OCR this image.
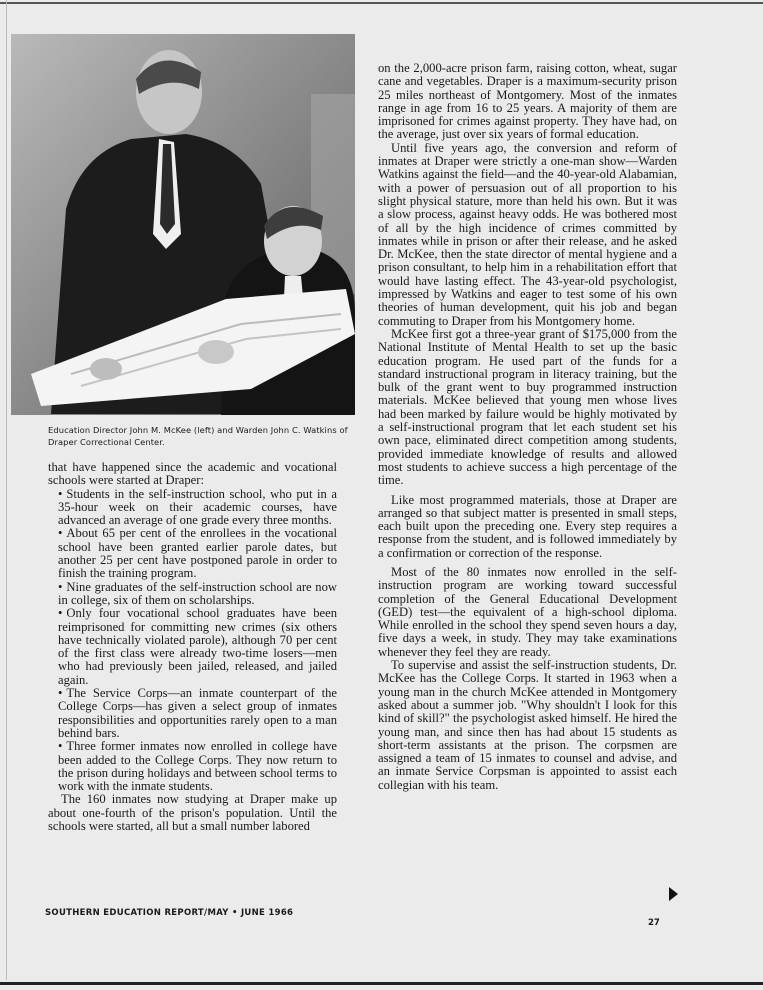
Education Director John M. McKee (left) and Warden John C. Watkins of Draper Correctional Center.

that have happened since the academic and vocational schools were started at Draper:

• Students in the self-instruction school, who put in a 35-hour week on their academic courses, have advanced an average of one grade every three months.

• About 65 per cent of the enrollees in the vocational school have been granted earlier parole dates, but another 25 per cent have postponed parole in order to finish the training program.

• Nine graduates of the self-instruction school are now in college, six of them on scholarships.

• Only four vocational school graduates have been reimprisoned for committing new crimes (six others have technically violated parole), although 70 per cent of the first class were already two-time losers—men who had previously been jailed, released, and jailed again.

• The Service Corps—an inmate counterpart of the College Corps—has given a select group of inmates responsibilities and opportunities rarely open to a man behind bars.

• Three former inmates now enrolled in college have been added to the College Corps. They now return to the prison during holidays and between school terms to work with the inmate students.

The 160 inmates now studying at Draper make up about one-fourth of the prison's population. Until the schools were started, all but a small number labored

on the 2,000-acre prison farm, raising cotton, wheat, sugar cane and vegetables. Draper is a maximum-security prison 25 miles northeast of Montgomery. Most of the inmates range in age from 16 to 25 years. A majority of them are imprisoned for crimes against property. They have had, on the average, just over six years of formal education.

Until five years ago, the conversion and reform of inmates at Draper were strictly a one-man show—Warden Watkins against the field—and the 40-year-old Alabamian, with a power of persuasion out of all proportion to his slight physical stature, more than held his own. But it was a slow process, against heavy odds. He was bothered most of all by the high incidence of crimes committed by inmates while in prison or after their release, and he asked Dr. McKee, then the state director of mental hygiene and a prison consultant, to help him in a rehabilitation effort that would have lasting effect. The 43-year-old psychologist, impressed by Watkins and eager to test some of his own theories of human development, quit his job and began commuting to Draper from his Montgomery home.

McKee first got a three-year grant of $175,000 from the National Institute of Mental Health to set up the basic education program. He used part of the funds for a standard instructional program in literacy training, but the bulk of the grant went to buy programmed instruction materials. McKee believed that young men whose lives had been marked by failure would be highly motivated by a self-instructional program that let each student set his own pace, eliminated direct competition among students, provided immediate knowledge of results and allowed most students to achieve success a high percentage of the time.

Like most programmed materials, those at Draper are arranged so that subject matter is presented in small steps, each built upon the preceding one. Every step requires a response from the student, and is followed immediately by a confirmation or correction of the response.

Most of the 80 inmates now enrolled in the self-instruction program are working toward successful completion of the General Educational Development (GED) test—the equivalent of a high-school diploma. While enrolled in the school they spend seven hours a day, five days a week, in study. They may take examinations whenever they feel they are ready.

To supervise and assist the self-instruction students, Dr. McKee has the College Corps. It started in 1963 when a young man in the church McKee attended in Montgomery asked about a summer job. "Why shouldn't I look for this kind of skill?" the psychologist asked himself. He hired the young man, and since then has had about 15 students as short-term assistants at the prison. The corpsmen are assigned a team of 15 inmates to counsel and advise, and an inmate Service Corpsman is appointed to assist each collegian with his team.

SOUTHERN EDUCATION REPORT/MAY • JUNE 1966
27
